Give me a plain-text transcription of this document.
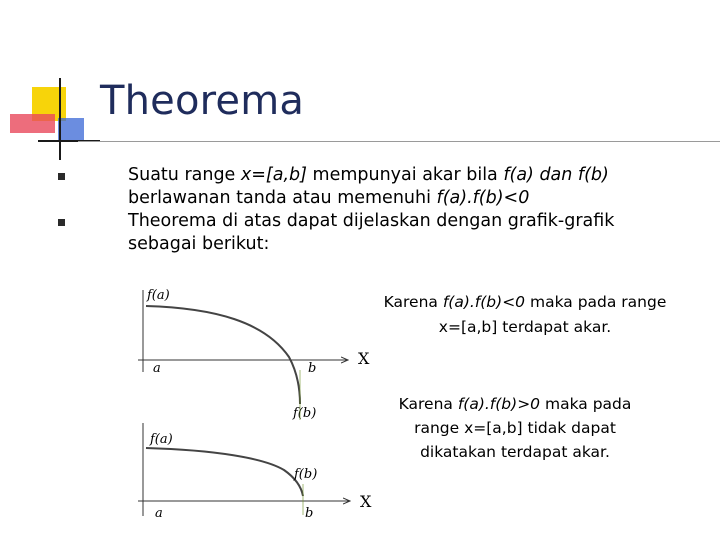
Theorema
Suatu range x=[a,b] mempunyai akar bila f(a) dan f(b)
berlawanan tanda atau memenuhi f(a).f(b)<0
Theorema di atas dapat dijelaskan dengan grafik-grafik
sebagai berikut:
f(a)
a	b
f(b)
X
f(a)
a	b
f(b)
X
Karena f(a).f(b)<0 maka pada range
x=[a,b] terdapat akar.
Karena f(a).f(b)>0 maka pada
range x=[a,b] tidak dapat
dikatakan terdapat akar.
